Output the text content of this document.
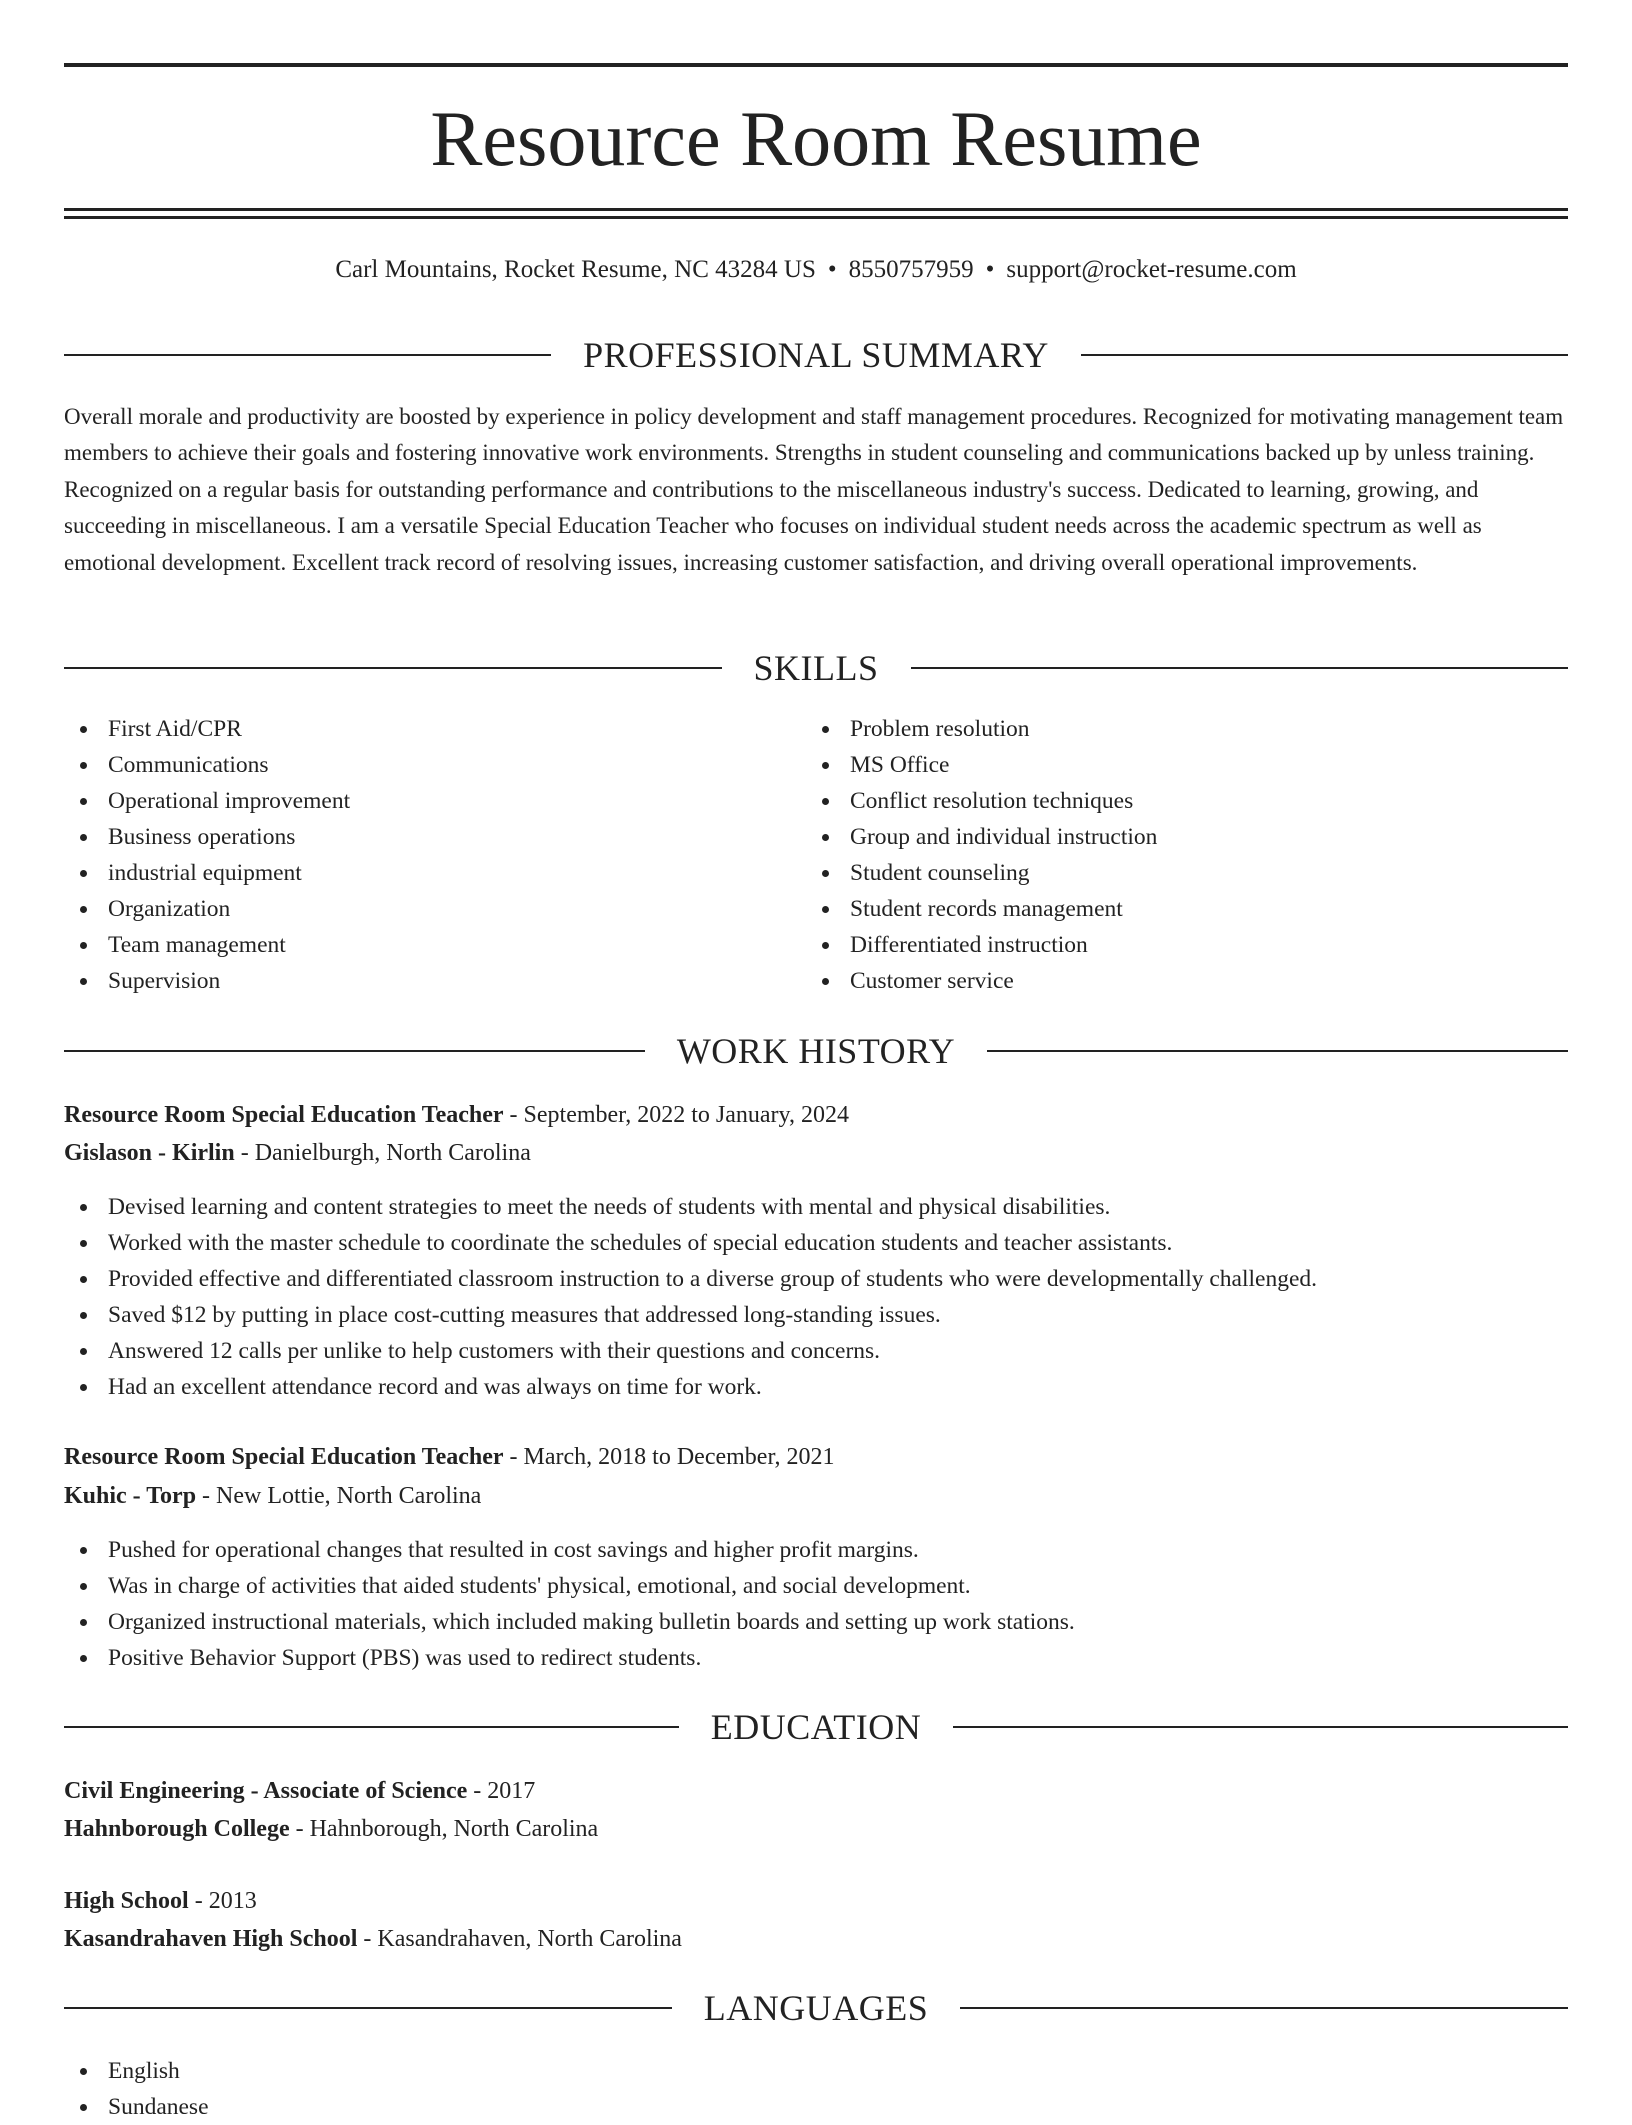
Resource Room Resume
Carl Mountains, Rocket Resume, NC 43284 US • 8550757959 • support@rocket-resume.com
PROFESSIONAL SUMMARY

Overall morale and productivity are boosted by experience in policy development and staff management procedures. Recognized for motivating management team members to achieve their goals and fostering innovative work environments. Strengths in student counseling and communications backed up by unless training. Recognized on a regular basis for outstanding performance and contributions to the miscellaneous industry's success. Dedicated to learning, growing, and succeeding in miscellaneous. I am a versatile Special Education Teacher who focuses on individual student needs across the academic spectrum as well as emotional development. Excellent track record of resolving issues, increasing customer satisfaction, and driving overall operational improvements.

SKILLS
First Aid/CPR
Communications
Operational improvement
Business operations
industrial equipment
Organization
Team management
Supervision
Problem resolution
MS Office
Conflict resolution techniques
Group and individual instruction
Student counseling
Student records management
Differentiated instruction
Customer service
WORK HISTORY
Resource Room Special Education Teacher - September, 2022 to January, 2024
Gislason - Kirlin - Danielburgh, North Carolina
Devised learning and content strategies to meet the needs of students with mental and physical disabilities.
Worked with the master schedule to coordinate the schedules of special education students and teacher assistants.
Provided effective and differentiated classroom instruction to a diverse group of students who were developmentally challenged.
Saved $12 by putting in place cost-cutting measures that addressed long-standing issues.
Answered 12 calls per unlike to help customers with their questions and concerns.
Had an excellent attendance record and was always on time for work.
Resource Room Special Education Teacher - March, 2018 to December, 2021
Kuhic - Torp - New Lottie, North Carolina
Pushed for operational changes that resulted in cost savings and higher profit margins.
Was in charge of activities that aided students' physical, emotional, and social development.
Organized instructional materials, which included making bulletin boards and setting up work stations.
Positive Behavior Support (PBS) was used to redirect students.
EDUCATION
Civil Engineering - Associate of Science - 2017
Hahnborough College - Hahnborough, North Carolina
High School - 2013
Kasandrahaven High School - Kasandrahaven, North Carolina
LANGUAGES
English
Sundanese
